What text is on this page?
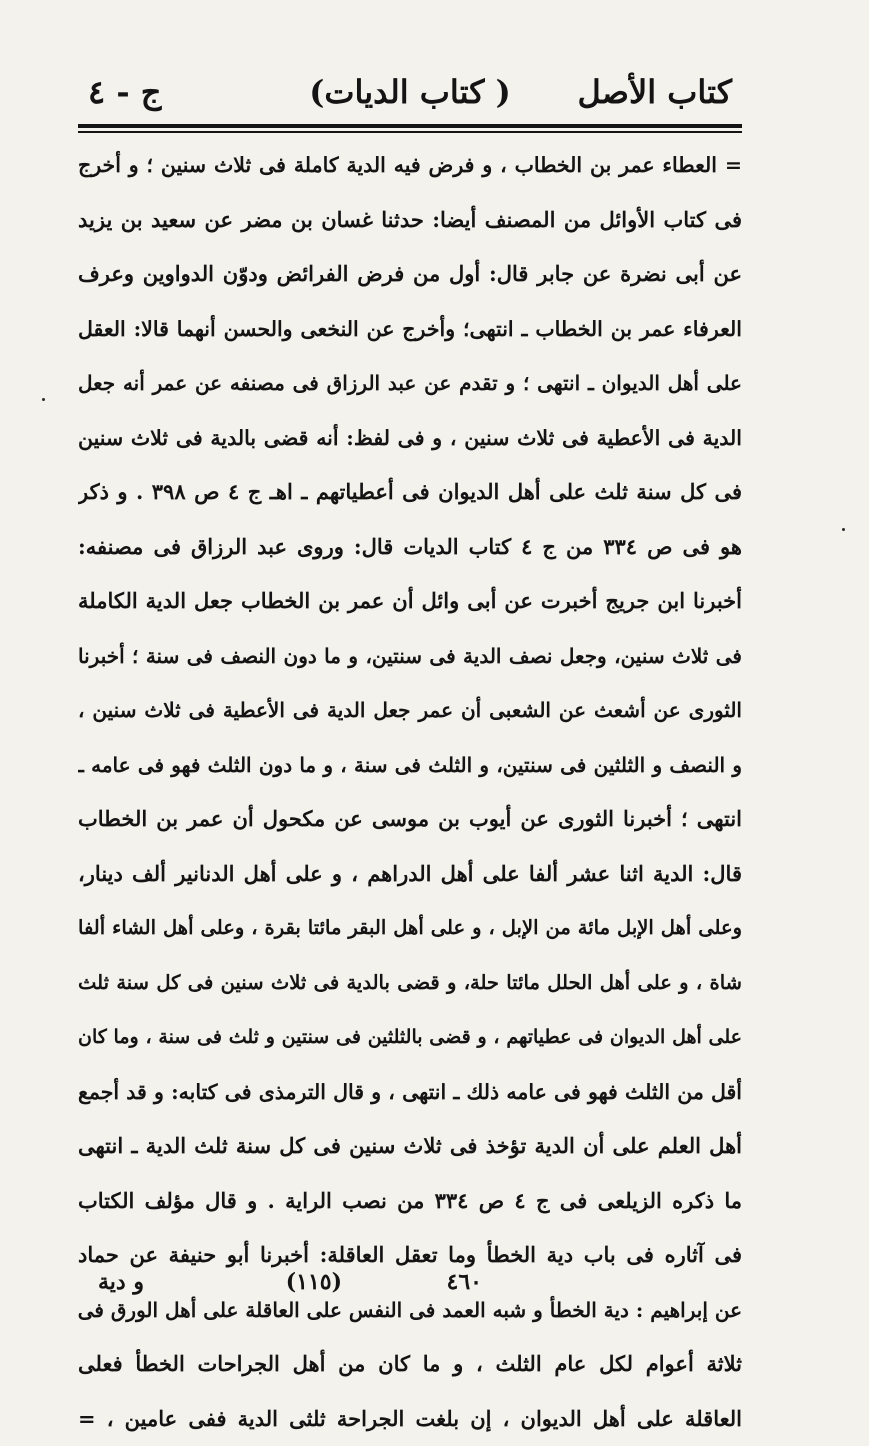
كتاب الأصل
( كتاب الديات)
ج - ٤
= العطاء عمر بن الخطاب ، و فرض فيه الدية كاملة فى ثلاث سنين ؛ و أخرج
فى كتاب الأوائل من المصنف أيضا: حدثنا غسان بن مضر عن سعيد بن يزيد
عن أبى نضرة عن جابر قال: أول من فرض الفرائض ودوّن الدواوين وعرف
العرفاء عمر بن الخطاب ـ انتهى؛ وأخرج عن النخعى والحسن أنهما قالا: العقل
على أهل الديوان ـ انتهى ؛ و تقدم عن عبد الرزاق فى مصنفه عن عمر أنه جعل
الدية فى الأعطية فى ثلاث سنين ، و فى لفظ: أنه قضى بالدية فى ثلاث سنين
فى كل سنة ثلث على أهل الديوان فى أعطياتهم ـ اهـ ج ٤ ص ٣٩٨ . و ذكر
هو فى ص ٣٣٤ من ج ٤ كتاب الديات قال: وروى عبد الرزاق فى مصنفه:
أخبرنا ابن جريج أخبرت عن أبى وائل أن عمر بن الخطاب جعل الدية الكاملة
فى ثلاث سنين، وجعل نصف الدية فى سنتين، و ما دون النصف فى سنة ؛ أخبرنا
الثورى عن أشعث عن الشعبى أن عمر جعل الدية فى الأعطية فى ثلاث سنين ،
و النصف و الثلثين فى سنتين، و الثلث فى سنة ، و ما دون الثلث فهو فى عامه ـ
انتهى ؛ أخبرنا الثورى عن أيوب بن موسى عن مكحول أن عمر بن الخطاب
قال: الدية اثنا عشر ألفا على أهل الدراهم ، و على أهل الدنانير ألف دينار،
وعلى أهل الإبل مائة من الإبل ، و على أهل البقر مائتا بقرة ، وعلى أهل الشاء ألفا
شاة ، و على أهل الحلل مائتا حلة، و قضى بالدية فى ثلاث سنين فى كل سنة ثلث
على أهل الديوان فى عطياتهم ، و قضى بالثلثين فى سنتين و ثلث فى سنة ، وما كان
أقل من الثلث فهو فى عامه ذلك ـ انتهى ، و قال الترمذى فى كتابه: و قد أجمع
أهل العلم على أن الدية تؤخذ فى ثلاث سنين فى كل سنة ثلث الدية ـ انتهى
ما ذكره الزيلعى فى ج ٤ ص ٣٣٤ من نصب الراية . و قال مؤلف الكتاب
فى آثاره فى باب دية الخطأ وما تعقل العاقلة: أخبرنا أبو حنيفة عن حماد
عن إبراهيم : دية الخطأ و شبه العمد فى النفس على العاقلة على أهل الورق فى
ثلاثة أعوام لكل عام الثلث ، و ما كان من أهل الجراحات الخطأ فعلى
العاقلة على أهل الديوان ، إن بلغت الجراحة ثلثى الدية ففى عامين ، =
٤٦٠
(١١٥)
و دية
